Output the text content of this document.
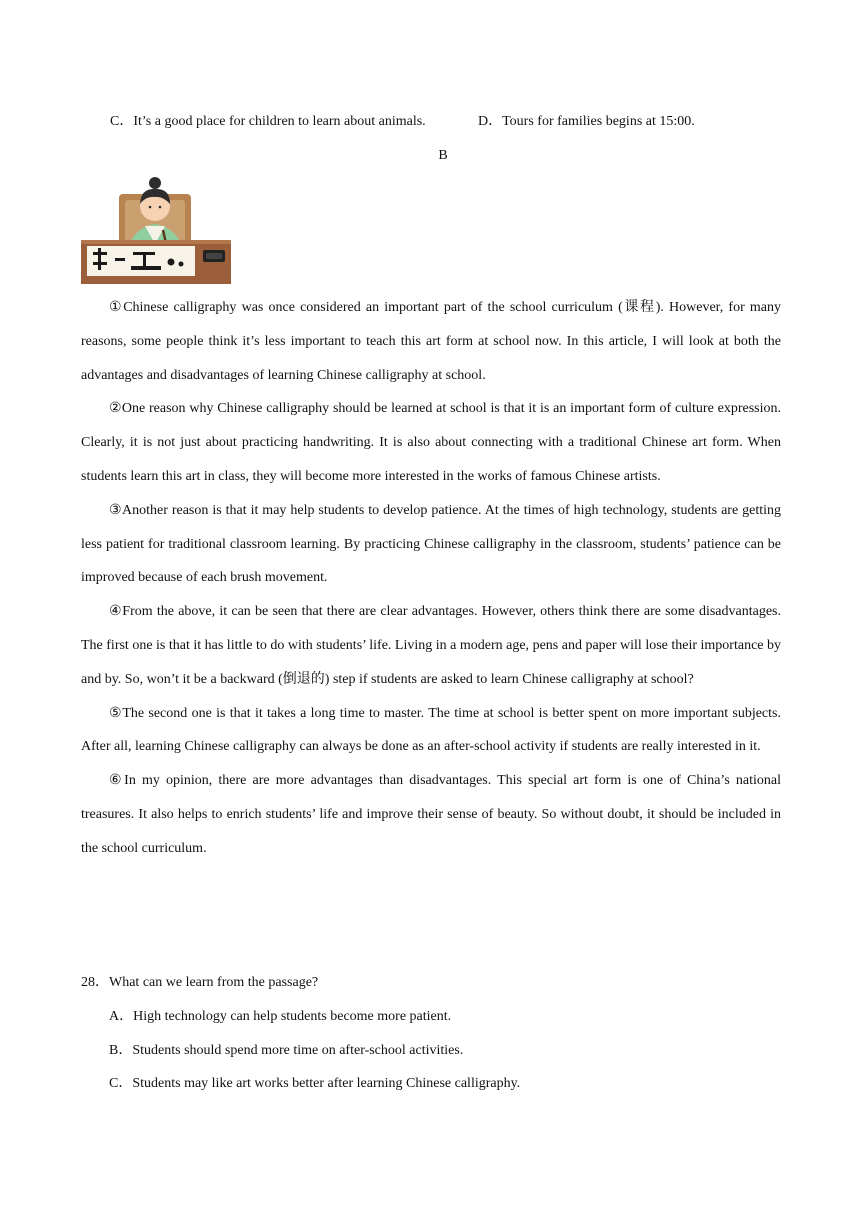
C．It’s a good place for children to learn about animals.	D．Tours for families begins at 15:00.
B

①Chinese calligraphy was once considered an important part of the school curriculum (课程). However, for many reasons, some people think it’s less important to teach this art form at school now. In this article, I will look at both the advantages and disadvantages of learning Chinese calligraphy at school.

②One reason why Chinese calligraphy should be learned at school is that it is an important form of culture expression. Clearly, it is not just about practicing handwriting. It is also about connecting with a traditional Chinese art form. When students learn this art in class, they will become more interested in the works of famous Chinese artists.

③Another reason is that it may help students to develop patience. At the times of high technology, students are getting less patient for traditional classroom learning. By practicing Chinese calligraphy in the classroom, students’ patience can be improved because of each brush movement.

④From the above, it can be seen that there are clear advantages. However, others think there are some disadvantages. The first one is that it has little to do with students’ life. Living in a modern age, pens and paper will lose their importance by and by. So, won’t it be a backward (倒退的) step if students are asked to learn Chinese calligraphy at school?

⑤The second one is that it takes a long time to master. The time at school is better spent on more important subjects. After all, learning Chinese calligraphy can always be done as an after-school activity if students are really interested in it.

⑥In my opinion, there are more advantages than disadvantages. This special art form is one of China’s national treasures. It also helps to enrich students’ life and improve their sense of beauty. So without doubt, it should be included in the school curriculum.

28．What can we learn from the passage?

A．High technology can help students become more patient.

B．Students should spend more time on after-school activities.

C．Students may like art works better after learning Chinese calligraphy.
